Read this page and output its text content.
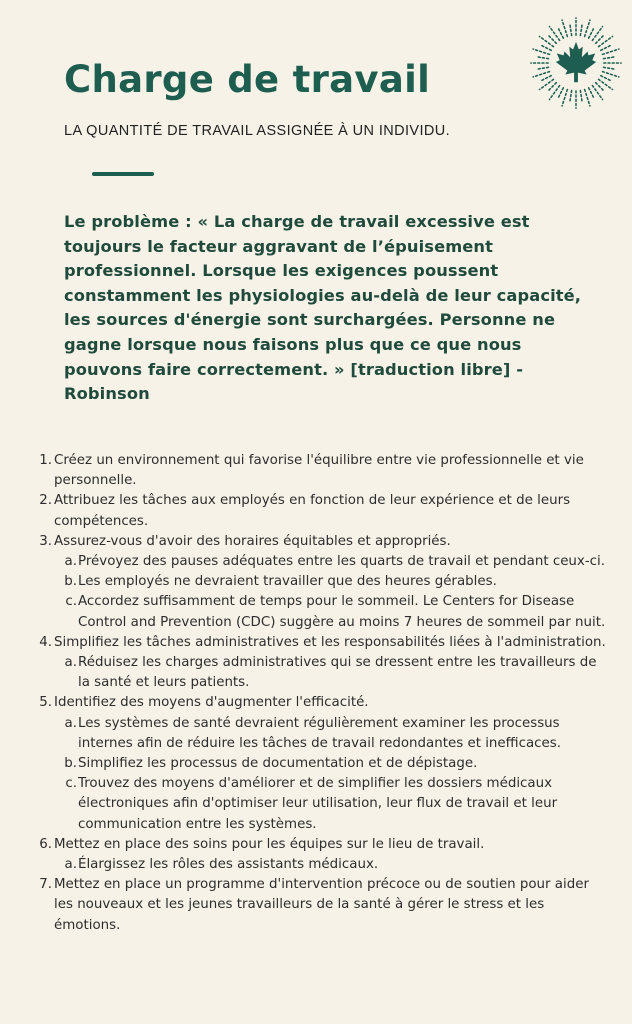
Charge de travail
LA QUANTITÉ DE TRAVAIL ASSIGNÉE À UN INDIVIDU.
Le problème : « La charge de travail excessive est toujours le facteur aggravant de l’épuisement professionnel. Lorsque les exigences poussent constamment les physiologies au-delà de leur capacité, les sources d'énergie sont surchargées. Personne ne gagne lorsque nous faisons plus que ce que nous pouvons faire correctement. » [traduction libre] - Robinson
1. Créez un environnement qui favorise l'équilibre entre vie professionnelle et vie personnelle.
2. Attribuez les tâches aux employés en fonction de leur expérience et de leurs compétences.
3. Assurez-vous d'avoir des horaires équitables et appropriés.
a. Prévoyez des pauses adéquates entre les quarts de travail et pendant ceux-ci.
b. Les employés ne devraient travailler que des heures gérables.
c. Accordez suffisamment de temps pour le sommeil. Le Centers for Disease Control and Prevention (CDC) suggère au moins 7 heures de sommeil par nuit.
4. Simplifiez les tâches administratives et les responsabilités liées à l'administration.
a. Réduisez les charges administratives qui se dressent entre les travailleurs de la santé et leurs patients.
5. Identifiez des moyens d'augmenter l'efficacité.
a. Les systèmes de santé devraient régulièrement examiner les processus internes afin de réduire les tâches de travail redondantes et inefficaces.
b. Simplifiez les processus de documentation et de dépistage.
c. Trouvez des moyens d'améliorer et de simplifier les dossiers médicaux électroniques afin d'optimiser leur utilisation, leur flux de travail et leur communication entre les systèmes.
6. Mettez en place des soins pour les équipes sur le lieu de travail.
a. Élargissez les rôles des assistants médicaux.
7. Mettez en place un programme d'intervention précoce ou de soutien pour aider les nouveaux et les jeunes travailleurs de la santé à gérer le stress et les émotions.
